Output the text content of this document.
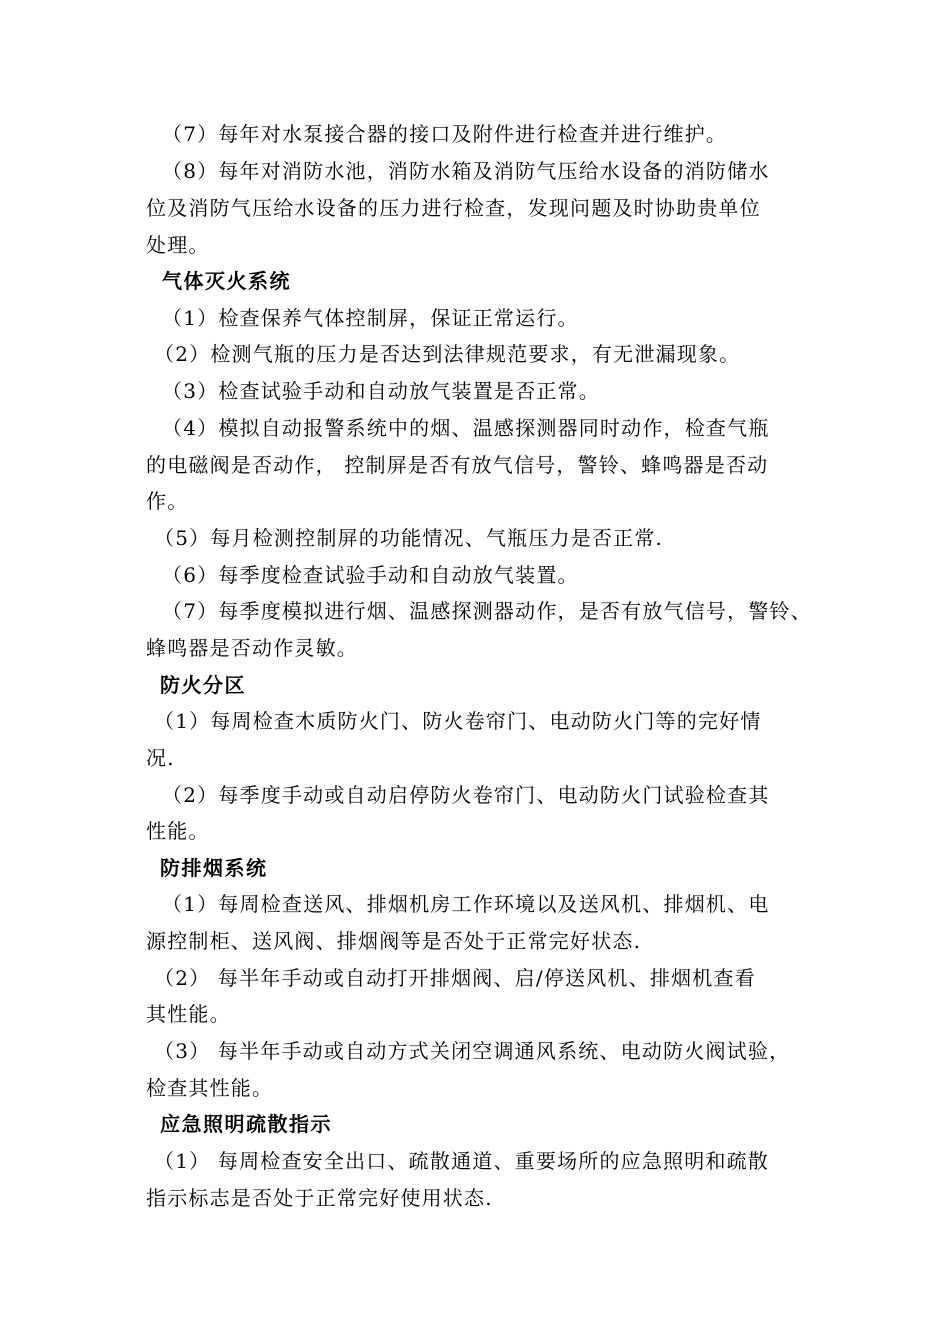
（7）每年对水泵接合器的接口及附件进行检查并进行维护。
（8）每年对消防水池，消防水箱及消防气压给水设备的消防储水
位及消防气压给水设备的压力进行检查，发现问题及时协助贵单位
处理。
气体灭火系统
（1）检查保养气体控制屏，保证正常运行。
（2）检测气瓶的压力是否达到法律规范要求，有无泄漏现象。
（3）检查试验手动和自动放气装置是否正常。
（4）模拟自动报警系统中的烟、温感探测器同时动作，检查气瓶
的电磁阀是否动作， 控制屏是否有放气信号，警铃、蜂鸣器是否动
作。
（5）每月检测控制屏的功能情况、气瓶压力是否正常.
（6）每季度检查试验手动和自动放气装置。
（7）每季度模拟进行烟、温感探测器动作，是否有放气信号，警铃、
蜂鸣器是否动作灵敏。
防火分区
（1）每周检查木质防火门、防火卷帘门、电动防火门等的完好情
况.
（2）每季度手动或自动启停防火卷帘门、电动防火门试验检查其
性能。
防排烟系统
（1）每周检查送风、排烟机房工作环境以及送风机、排烟机、电
源控制柜、送风阀、排烟阀等是否处于正常完好状态.
（2） 每半年手动或自动打开排烟阀、启/停送风机、排烟机查看
其性能。
（3） 每半年手动或自动方式关闭空调通风系统、电动防火阀试验，
检查其性能。
应急照明疏散指示
（1） 每周检查安全出口、疏散通道、重要场所的应急照明和疏散
指示标志是否处于正常完好使用状态.
